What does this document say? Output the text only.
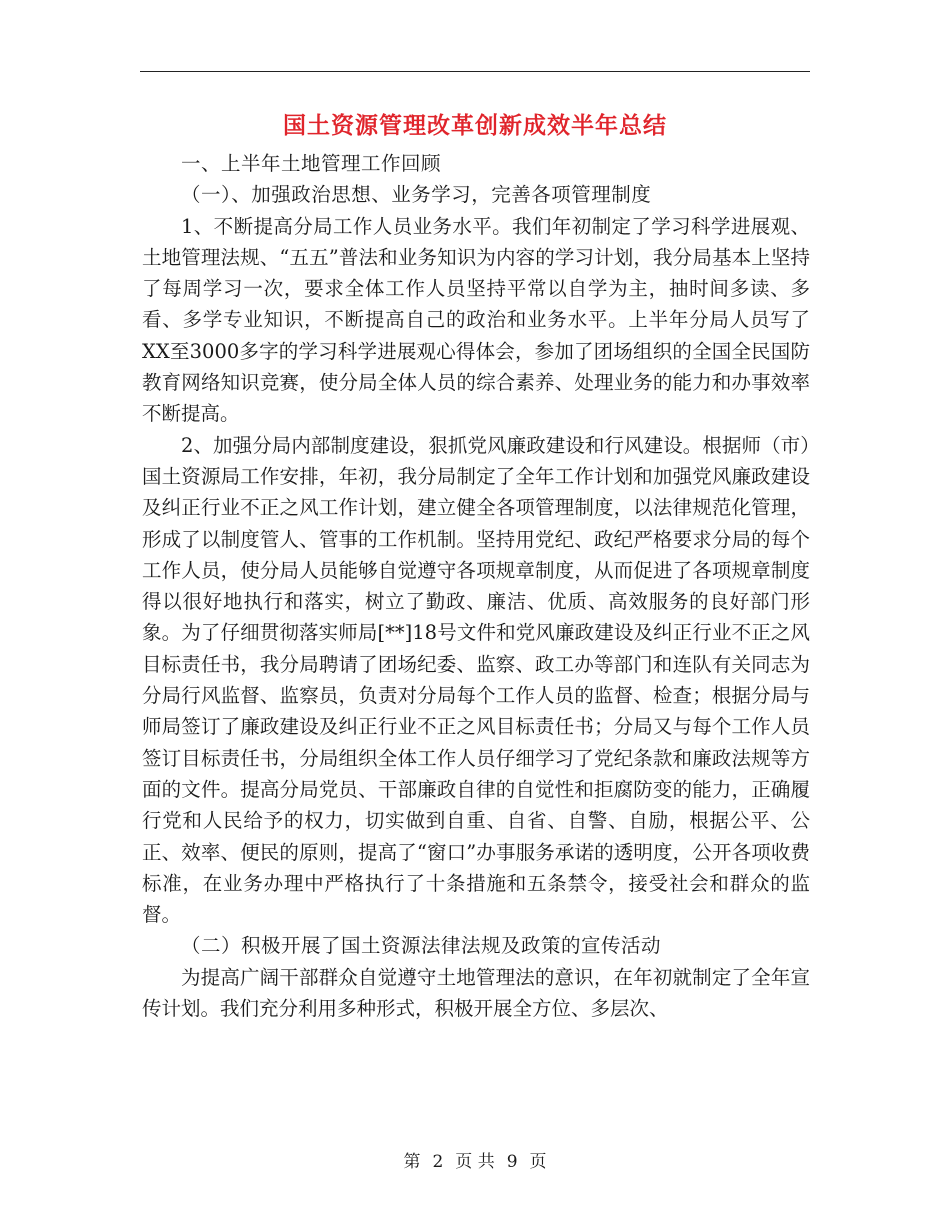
国土资源管理改革创新成效半年总结

一、上半年土地管理工作回顾

（一）、加强政治思想、业务学习，完善各项管理制度

1、不断提高分局工作人员业务水平。我们年初制定了学习科学进展观、土地管理法规、“五五”普法和业务知识为内容的学习计划，我分局基本上坚持了每周学习一次，要求全体工作人员坚持平常以自学为主，抽时间多读、多看、多学专业知识，不断提高自己的政治和业务水平。上半年分局人员写了XX至3000多字的学习科学进展观心得体会，参加了团场组织的全国全民国防教育网络知识竞赛，使分局全体人员的综合素养、处理业务的能力和办事效率不断提高。

2、加强分局内部制度建设，狠抓党风廉政建设和行风建设。根据师（市）国土资源局工作安排，年初，我分局制定了全年工作计划和加强党风廉政建设及纠正行业不正之风工作计划，建立健全各项管理制度，以法律规范化管理，形成了以制度管人、管事的工作机制。坚持用党纪、政纪严格要求分局的每个工作人员，使分局人员能够自觉遵守各项规章制度，从而促进了各项规章制度得以很好地执行和落实，树立了勤政、廉洁、优质、高效服务的良好部门形象。为了仔细贯彻落实师局[**]18号文件和党风廉政建设及纠正行业不正之风目标责任书，我分局聘请了团场纪委、监察、政工办等部门和连队有关同志为分局行风监督、监察员，负责对分局每个工作人员的监督、检查；根据分局与师局签订了廉政建设及纠正行业不正之风目标责任书；分局又与每个工作人员签订目标责任书，分局组织全体工作人员仔细学习了党纪条款和廉政法规等方面的文件。提高分局党员、干部廉政自律的自觉性和拒腐防变的能力，正确履行党和人民给予的权力，切实做到自重、自省、自警、自励，根据公平、公正、效率、便民的原则，提高了“窗口”办事服务承诺的透明度，公开各项收费标准，在业务办理中严格执行了十条措施和五条禁令，接受社会和群众的监督。

（二）积极开展了国土资源法律法规及政策的宣传活动

为提高广阔干部群众自觉遵守土地管理法的意识，在年初就制定了全年宣传计划。我们充分利用多种形式，积极开展全方位、多层次、

第 2 页 共 9 页
